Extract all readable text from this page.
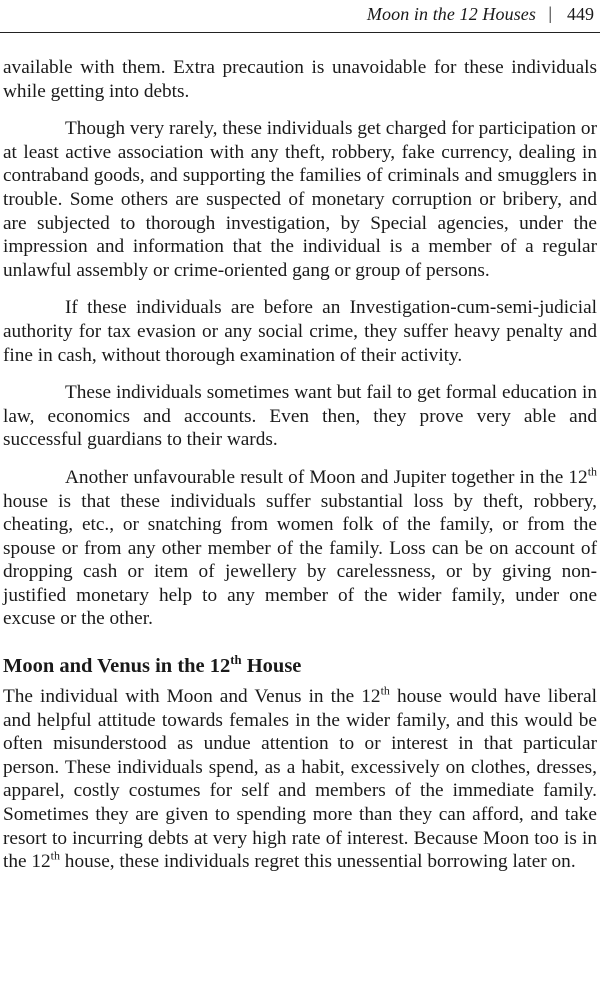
Moon in the 12 Houses | 449

available with them. Extra precaution is unavoidable for these individuals while getting into debts.

Though very rarely, these individuals get charged for participation or at least active association with any theft, robbery, fake currency, dealing in contraband goods, and supporting the families of criminals and smugglers in trouble. Some others are suspected of monetary corruption or bribery, and are subjected to thorough investigation, by Special agencies, under the impression and information that the individual is a member of a regular unlawful assembly or crime-oriented gang or group of persons.

If these individuals are before an Investigation-cum-semi-judicial authority for tax evasion or any social crime, they suffer heavy penalty and fine in cash, without thorough examination of their activity.

These individuals sometimes want but fail to get formal education in law, economics and accounts. Even then, they prove very able and successful guardians to their wards.

Another unfavourable result of Moon and Jupiter together in the 12th house is that these individuals suffer substantial loss by theft, robbery, cheating, etc., or snatching from women folk of the family, or from the spouse or from any other member of the family. Loss can be on account of dropping cash or item of jewellery by carelessness, or by giving non-justified monetary help to any member of the wider family, under one excuse or the other.

Moon and Venus in the 12th House

The individual with Moon and Venus in the 12th house would have liberal and helpful attitude towards females in the wider family, and this would be often misunderstood as undue attention to or interest in that particular person. These individuals spend, as a habit, excessively on clothes, dresses, apparel, costly costumes for self and members of the immediate family. Sometimes they are given to spending more than they can afford, and take resort to incurring debts at very high rate of interest. Because Moon too is in the 12th house, these individuals regret this unessential borrowing later on.
